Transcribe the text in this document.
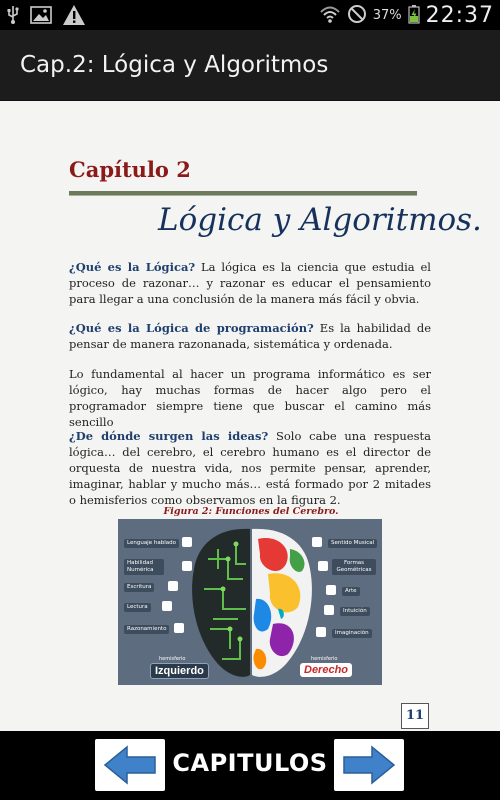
37% 22:37
Cap.2: Lógica y Algoritmos
Capítulo 2
Lógica y Algoritmos.
¿Qué es la Lógica? La lógica es la ciencia que estudia el proceso de razonar… y razonar es educar el pensamiento para llegar a una conclusión de la manera más fácil y obvia.
¿Qué es la Lógica de programación? Es la habilidad de pensar de manera razonanada, sistemática y ordenada.
Lo fundamental al hacer un programa informático es ser lógico, hay muchas formas de hacer algo pero el programador siempre tiene que buscar el camino más sencillo
¿De dónde surgen las ideas? Solo cabe una respuesta lógica… del cerebro, el cerebro humano es el director de orquesta de nuestra vida, nos permite pensar, aprender, imaginar, hablar y mucho más… está formado por 2 mitades o hemisferios como observamos en la figura 2.
Figura 2: Funciones del Cerebro.
Lenguaje hablado
Habilidad Numérica
Escritura
Lectura
Razonamiento
Sentido Musical
Formas Geométricas
Arte
Intuición
Imaginación
hemisferio
Izquierdo
hemisferio
Derecho
11
CAPITULOS
